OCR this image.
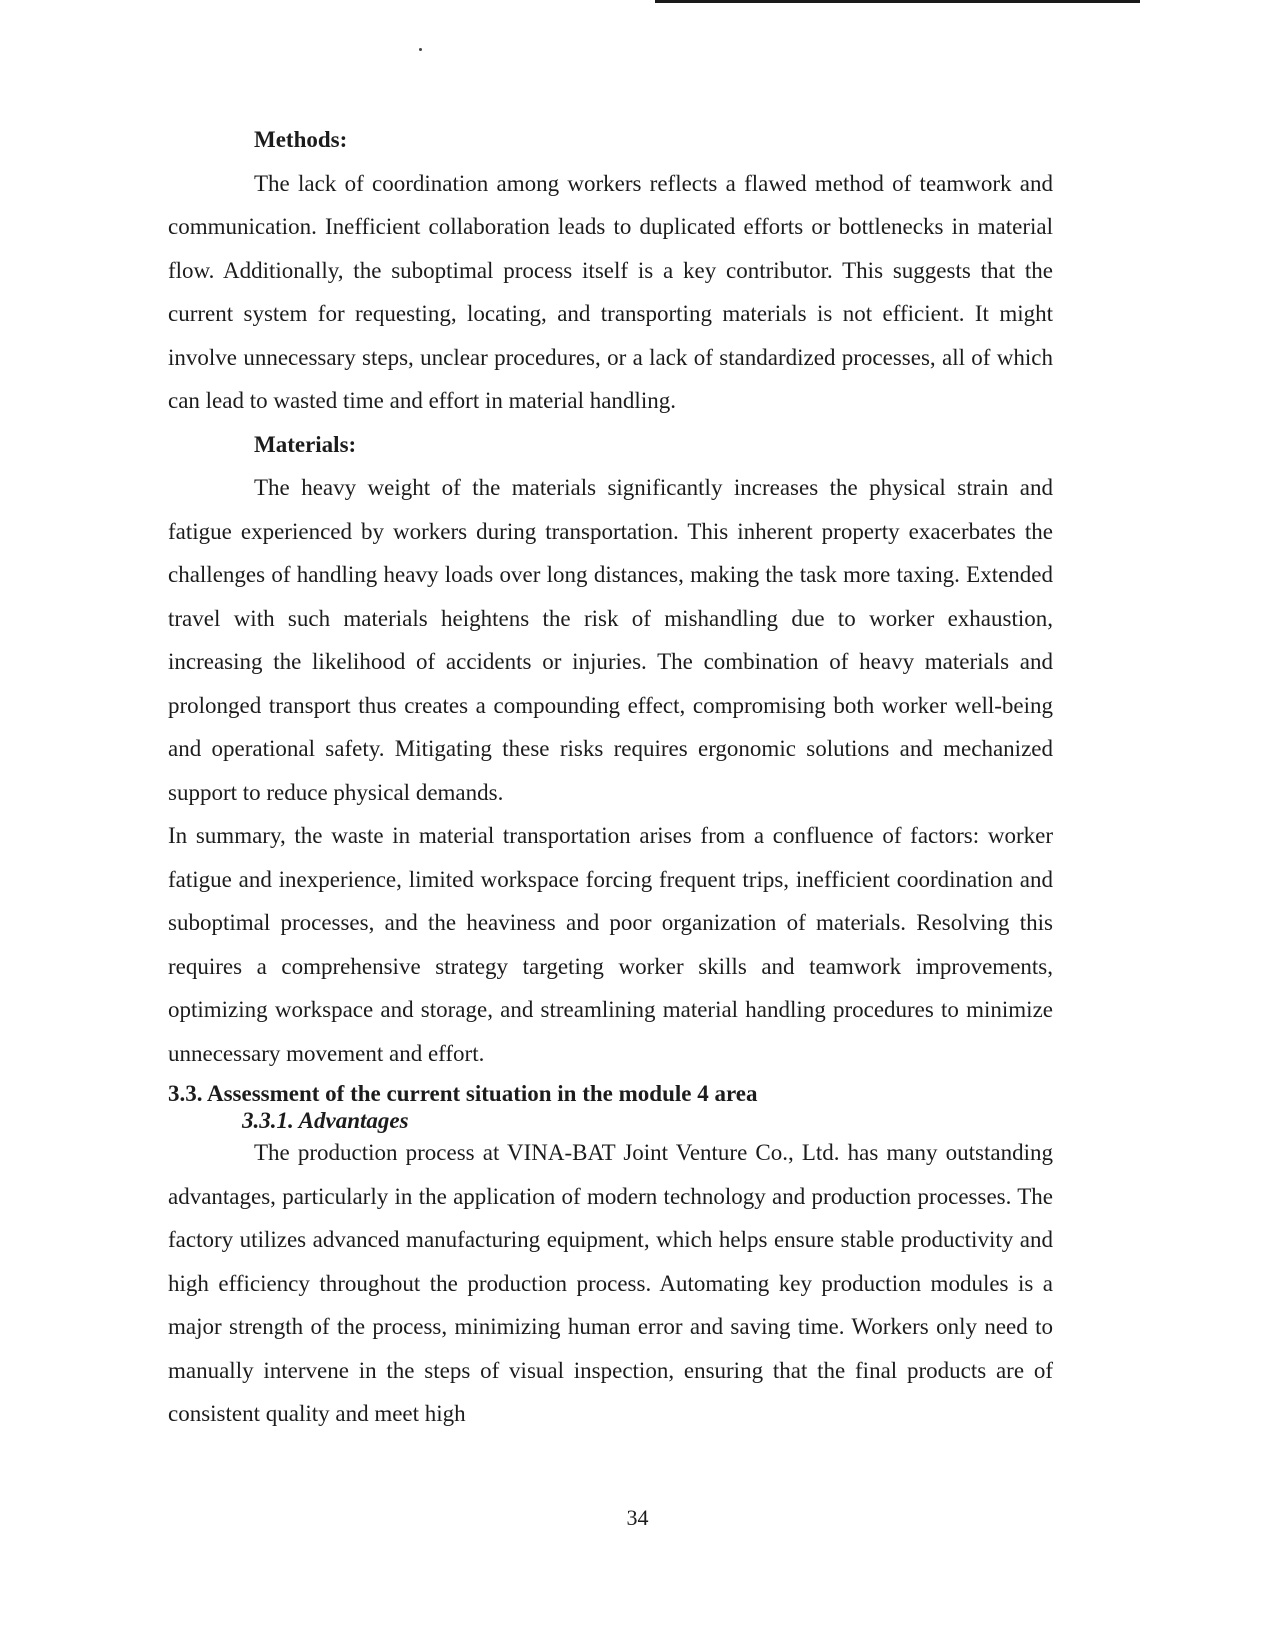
Methods:

The lack of coordination among workers reflects a flawed method of teamwork and communication. Inefficient collaboration leads to duplicated efforts or bottlenecks in material flow. Additionally, the suboptimal process itself is a key contributor. This suggests that the current system for requesting, locating, and transporting materials is not efficient. It might involve unnecessary steps, unclear procedures, or a lack of standardized processes, all of which can lead to wasted time and effort in material handling.

Materials:

The heavy weight of the materials significantly increases the physical strain and fatigue experienced by workers during transportation. This inherent property exacerbates the challenges of handling heavy loads over long distances, making the task more taxing. Extended travel with such materials heightens the risk of mishandling due to worker exhaustion, increasing the likelihood of accidents or injuries. The combination of heavy materials and prolonged transport thus creates a compounding effect, compromising both worker well-being and operational safety. Mitigating these risks requires ergonomic solutions and mechanized support to reduce physical demands.

In summary, the waste in material transportation arises from a confluence of factors: worker fatigue and inexperience, limited workspace forcing frequent trips, inefficient coordination and suboptimal processes, and the heaviness and poor organization of materials. Resolving this requires a comprehensive strategy targeting worker skills and teamwork improvements, optimizing workspace and storage, and streamlining material handling procedures to minimize unnecessary movement and effort.

3.3. Assessment of the current situation in the module 4 area

3.3.1. Advantages

The production process at VINA-BAT Joint Venture Co., Ltd. has many outstanding advantages, particularly in the application of modern technology and production processes. The factory utilizes advanced manufacturing equipment, which helps ensure stable productivity and high efficiency throughout the production process. Automating key production modules is a major strength of the process, minimizing human error and saving time. Workers only need to manually intervene in the steps of visual inspection, ensuring that the final products are of consistent quality and meet high

34
